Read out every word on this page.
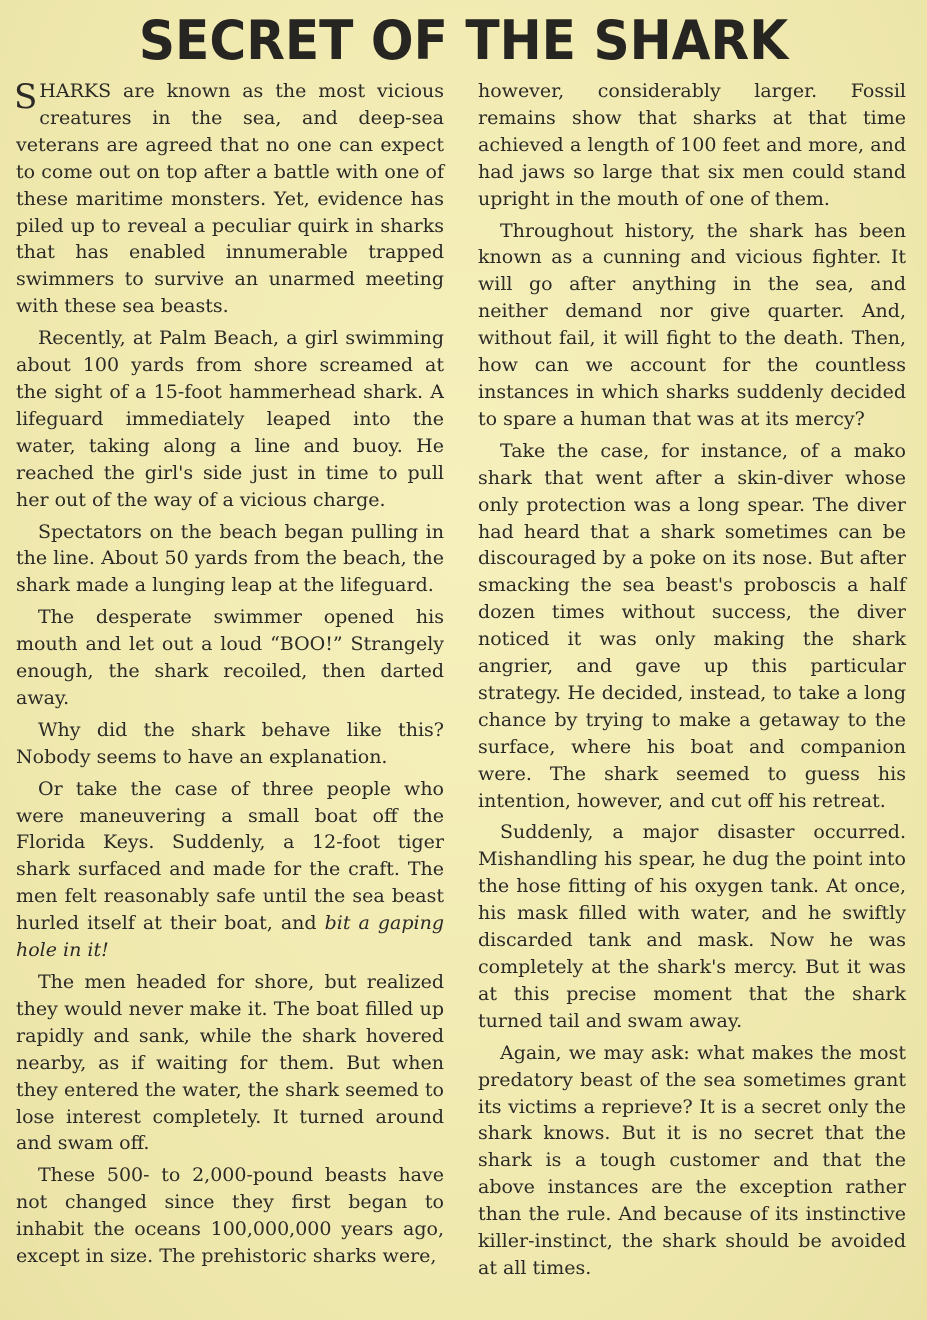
SECRET OF THE SHARK

SHARKS are known as the most vicious creatures in the sea, and deep-sea veterans are agreed that no one can expect to come out on top after a battle with one of these maritime monsters. Yet, evidence has piled up to reveal a peculiar quirk in sharks that has enabled innumerable trapped swimmers to survive an unarmed meeting with these sea beasts.

Recently, at Palm Beach, a girl swimming about 100 yards from shore screamed at the sight of a 15-foot hammerhead shark. A lifeguard immediately leaped into the water, taking along a line and buoy. He reached the girl's side just in time to pull her out of the way of a vicious charge.

Spectators on the beach began pulling in the line. About 50 yards from the beach, the shark made a lunging leap at the lifeguard.

The desperate swimmer opened his mouth and let out a loud “BOO!” Strangely enough, the shark recoiled, then darted away.

Why did the shark behave like this? Nobody seems to have an explanation.

Or take the case of three people who were maneuvering a small boat off the Florida Keys. Suddenly, a 12-foot tiger shark surfaced and made for the craft. The men felt reasonably safe until the sea beast hurled itself at their boat, and bit a gaping hole in it!

The men headed for shore, but realized they would never make it. The boat filled up rapidly and sank, while the shark hovered nearby, as if waiting for them. But when they entered the water, the shark seemed to lose interest completely. It turned around and swam off.

These 500- to 2,000-pound beasts have not changed since they first began to inhabit the oceans 100,000,000 years ago, except in size. The prehistoric sharks were,

however, considerably larger. Fossil remains show that sharks at that time achieved a length of 100 feet and more, and had jaws so large that six men could stand upright in the mouth of one of them.

Throughout history, the shark has been known as a cunning and vicious fighter. It will go after anything in the sea, and neither demand nor give quarter. And, without fail, it will fight to the death. Then, how can we account for the countless instances in which sharks suddenly decided to spare a human that was at its mercy?

Take the case, for instance, of a mako shark that went after a skin-diver whose only protection was a long spear. The diver had heard that a shark sometimes can be discouraged by a poke on its nose. But after smacking the sea beast's proboscis a half dozen times without success, the diver noticed it was only making the shark angrier, and gave up this particular strategy. He decided, instead, to take a long chance by trying to make a getaway to the surface, where his boat and companion were. The shark seemed to guess his intention, however, and cut off his retreat.

Suddenly, a major disaster occurred. Mishandling his spear, he dug the point into the hose fitting of his oxygen tank. At once, his mask filled with water, and he swiftly discarded tank and mask. Now he was completely at the shark's mercy. But it was at this precise moment that the shark turned tail and swam away.

Again, we may ask: what makes the most predatory beast of the sea sometimes grant its victims a reprieve? It is a secret only the shark knows. But it is no secret that the shark is a tough customer and that the above instances are the exception rather than the rule. And because of its instinctive killer-instinct, the shark should be avoided at all times.
